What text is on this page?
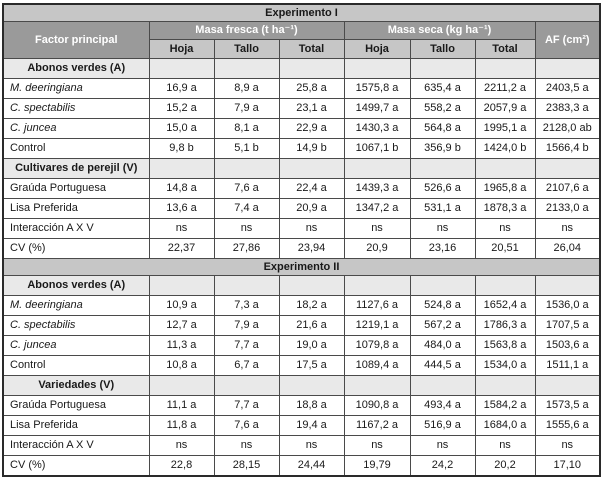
Experimento I							
Factor principal	Masa fresca (t ha⁻¹)			Masa seca (kg ha⁻¹)			AF (cm²)
	Hoja	Tallo	Total	Hoja	Tallo	Total	
Abonos verdes (A)							
M. deeringiana	16,9 a	8,9 a	25,8 a	1575,8 a	635,4 a	2211,2 a	2403,5 a
C. spectabilis	15,2 a	7,9 a	23,1 a	1499,7 a	558,2 a	2057,9 a	2383,3 a
C. juncea	15,0 a	8,1 a	22,9 a	1430,3 a	564,8 a	1995,1 a	2128,0 ab
Control	9,8 b	5,1 b	14,9 b	1067,1 b	356,9 b	1424,0 b	1566,4 b
Cultivares de perejil (V)							
Graúda Portuguesa	14,8 a	7,6 a	22,4 a	1439,3 a	526,6 a	1965,8 a	2107,6 a
Lisa Preferida	13,6 a	7,4 a	20,9 a	1347,2 a	531,1 a	1878,3 a	2133,0 a
Interacción A X V	ns	ns	ns	ns	ns	ns	ns
CV (%)	22,37	27,86	23,94	20,9	23,16	20,51	26,04
Experimento II							
Abonos verdes (A)							
M. deeringiana	10,9 a	7,3 a	18,2 a	1127,6 a	524,8 a	1652,4 a	1536,0 a
C. spectabilis	12,7 a	7,9 a	21,6 a	1219,1 a	567,2 a	1786,3 a	1707,5 a
C. juncea	11,3 a	7,7 a	19,0 a	1079,8 a	484,0 a	1563,8 a	1503,6 a
Control	10,8 a	6,7 a	17,5 a	1089,4 a	444,5 a	1534,0 a	1511,1 a
Variedades (V)							
Graúda Portuguesa	11,1 a	7,7 a	18,8 a	1090,8 a	493,4 a	1584,2 a	1573,5 a
Lisa Preferida	11,8 a	7,6 a	19,4 a	1167,2 a	516,9 a	1684,0 a	1555,6 a
Interacción A X V	ns	ns	ns	ns	ns	ns	ns
CV (%)	22,8	28,15	24,44	19,79	24,2	20,2	17,10
